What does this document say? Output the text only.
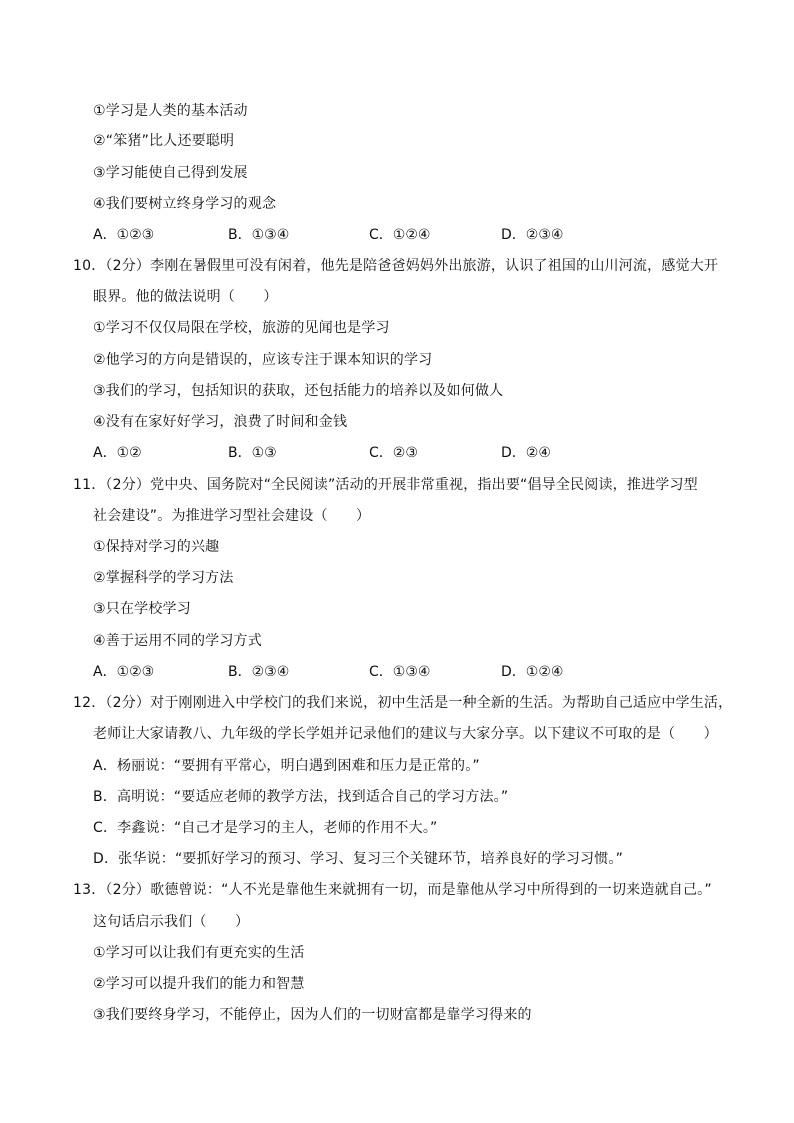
①学习是人类的基本活动
②“笨猪”比人还要聪明
③学习能使自己得到发展
④我们要树立终身学习的观念
A．①②③	B．①③④	C．①②④	D．②③④
10．（2分）李刚在暑假里可没有闲着，他先是陪爸爸妈妈外出旅游，认识了祖国的山川河流，感觉大开
眼界。他的做法说明（　　）
①学习不仅仅局限在学校，旅游的见闻也是学习
②他学习的方向是错误的，应该专注于课本知识的学习
③我们的学习，包括知识的获取，还包括能力的培养以及如何做人
④没有在家好好学习，浪费了时间和金钱
A．①②	B．①③	C．②③	D．②④
11．（2分）党中央、国务院对“全民阅读”活动的开展非常重视，指出要“倡导全民阅读，推进学习型
社会建设”。为推进学习型社会建设（　　）
①保持对学习的兴趣
②掌握科学的学习方法
③只在学校学习
④善于运用不同的学习方式
A．①②③	B．②③④	C．①③④	D．①②④
12．（2分）对于刚刚进入中学校门的我们来说，初中生活是一种全新的生活。为帮助自己适应中学生活，
老师让大家请教八、九年级的学长学姐并记录他们的建议与大家分享。以下建议不可取的是（　　）
A．杨丽说：“要拥有平常心，明白遇到困难和压力是正常的。”
B．高明说：“要适应老师的教学方法，找到适合自己的学习方法。”
C．李鑫说：“自己才是学习的主人，老师的作用不大。”
D．张华说：“要抓好学习的预习、学习、复习三个关键环节，培养良好的学习习惯。”
13．（2分）歌德曾说：“人不光是靠他生来就拥有一切，而是靠他从学习中所得到的一切来造就自己。”
这句话启示我们（　　）
①学习可以让我们有更充实的生活
②学习可以提升我们的能力和智慧
③我们要终身学习，不能停止，因为人们的一切财富都是靠学习得来的
